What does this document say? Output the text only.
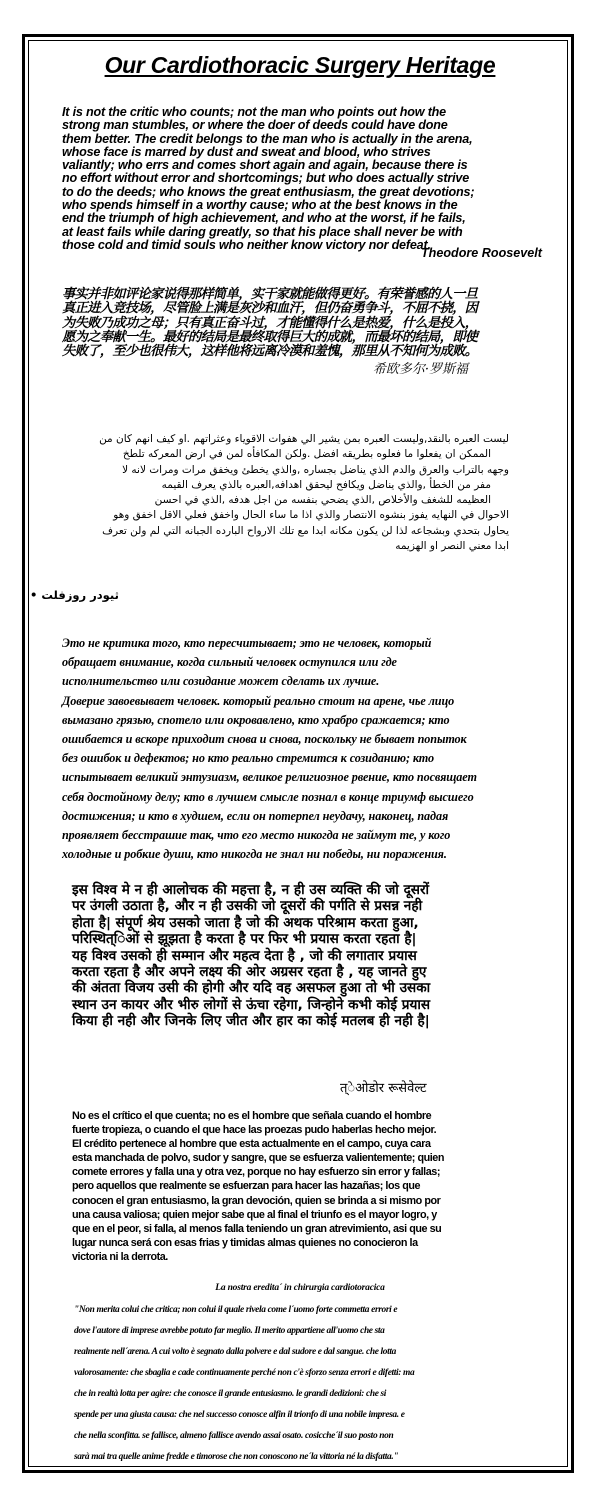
Our Cardiothoracic Surgery Heritage
It is not the critic who counts; not the man who points out how the
strong man stumbles, or where the doer of deeds could have done
them better. The credit belongs to the man who is actually in the arena,
whose face is marred by dust and sweat and blood, who strives
valiantly; who errs and comes short again and again, because there is
no effort without error and shortcomings; but who does actually strive
to do the deeds; who knows the great enthusiasm, the great devotions;
who spends himself in a worthy cause; who at the best knows in the
end the triumph of high achievement, and who at the worst, if he fails,
at least fails while daring greatly, so that his place shall never be with
those cold and timid souls who neither know victory nor defeat.
Theodore Roosevelt
事实并非如评论家说得那样简单，实干家就能做得更好。有荣誉感的人一旦
真正进入竞技场，尽管脸上满是灰沙和血汗，但仍奋勇争斗，不屈不挠，因
为失败乃成功之母；只有真正奋斗过，才能懂得什么是热爱，什么是投入，
愿为之奉献一生。最好的结局是最终取得巨大的成就，而最坏的结局，即使
失败了，至少也很伟大，这样他将远离冷漠和羞愧，那里从不知何为成败。
希欧多尔·罗斯福
ليست العبره بالنقد,وليست العبره بمن يشير الي هفوات الاقوياء وعثراتهم .او كيف انهم كان من
الممكن ان يفعلوا ما فعلوه بطريقه افضل .ولكن المكافأه لمن في ارض المعركه تلطخ
وجهه بالتراب والعرق والدم الذي يناضل بجساره ,والذي يخطئ ويخفق مرات ومرات لانه لا
مفر من الخطأ ,والذي يناضل ويكافح ليحقق اهدافه,العبره بالذي يعرف القيمه
العظيمه للشغف والأخلاص ,الذي يضحي بنفسه من اجل هدفه ,الذي في احسن
الاحوال في النهايه يفوز بنشوه الانتصار والذي اذا ما ساء الحال واخفق فعلي الاقل اخفق وهو
يحاول بتحدي وبشجاعه لذا لن يكون مكانه ابدا مع تلك الارواح البارده الجبانه التي لم ولن تعرف
ابدا معني النصر او الهزيمه
ثيودر روزفلت •
Это не критика того, кто пересчитывает; это не человек, который
обращает внимание, когда сильный человек оступился или где
исполнительство или созидание может сделать их лучше.
Доверие завоевывает человек. который реально стоит на арене, чье лицо
вымазано грязью, спотело или окровавлено, кто храбро сражается; кто
ошибается и вскоре приходит снова и снова, поскольку не бывает попыток
без ошибок и дефектов; но кто реально стремится к созиданию; кто
испытывает великий энтузиазм, великое религиозное рвение, кто посвящает
себя достойному делу; кто в лучшем смысле познал в конце триумф высшего
достижения; и кто в худшем, если он потерпел неудачу, наконец, падая
проявляет бесстрашие так, что его место никогда не займут те, у кого
холодные и робкие души, кто никогда не знал ни победы, ни поражения.
इस विश्व मे न ही आलोचक की महत्ता है, न ही उस व्यक्ति की जो दूसरों
पर उंगली उठाता है, और न ही उसकी जो दूसरों की पर्गति से प्रसन्न नही
होता है| संपूर्ण श्रेय उसको जाता है जो की अथक परिश्राम करता हुआ,
परिस्थित्िओं से झूझता है करता है पर फिर भी प्रयास करता रहता है|
यह विश्व उसको ही सम्मान और महत्व देता है , जो की लगातार प्रयास
करता रहता है और अपने लक्ष्य की ओर अग्रसर रहता है , यह जानते हुए
की अंतता विजय उसी की होगी और यदि वह असफल हुआ तो भी उसका
स्थान उन कायर और भीरु लोगों से ऊंचा रहेगा, जिन्होने कभी कोई प्रयास
किया ही नही और जिनके लिए जीत और हार का कोई मतलब ही नही है|
त्ेओडोर रूसेवेल्ट
No es el crítico el que cuenta; no es el hombre que señala cuando el hombre
fuerte tropieza, o cuando el que hace las proezas pudo haberlas hecho mejor.
El crédito pertenece al hombre que esta actualmente en el campo, cuya cara
esta manchada de polvo, sudor y sangre, que se esfuerza valientemente; quien
comete errores y falla una y otra vez, porque no hay esfuerzo sin error y fallas;
pero aquellos que realmente se esfuerzan para hacer las hazañas; los que
conocen el gran entusiasmo, la gran devoción, quien se brinda a si mismo por
una causa valiosa; quien mejor sabe que al final el triunfo es el mayor logro, y
que en el peor, si falla, al menos falla teniendo un gran atrevimiento, asi que su
lugar nunca será con esas frias y timidas almas quienes no conocieron la
victoria ni la derrota.
La nostra eredita´ in chirurgia cardiotoracica
"Non merita colui che critica; non colui il quale rivela come l´uomo forte commetta errori e
dove l'autore di imprese avrebbe potuto far meglio. Il merito appartiene all'uomo che sta
realmente nell´arena. A cui volto è segnato dalla polvere e dal sudore e dal sangue. che lotta
valorosamente: che sbaglia e cade continuamente perché non c'è sforzo senza errori e difetti: ma
che in realtà lotta per agire: che conosce il grande entusiasmo. le grandi dedizioni: che si
spende per una giusta causa: che nel successo conosce alfin il trionfo di una nobile impresa. e
che nella sconfitta. se fallisce, almeno fallisce avendo assai osato. cosicche´il suo posto non
sarà mai tra quelle anime fredde e timorose che non conoscono ne´la vittoria né la disfatta."
